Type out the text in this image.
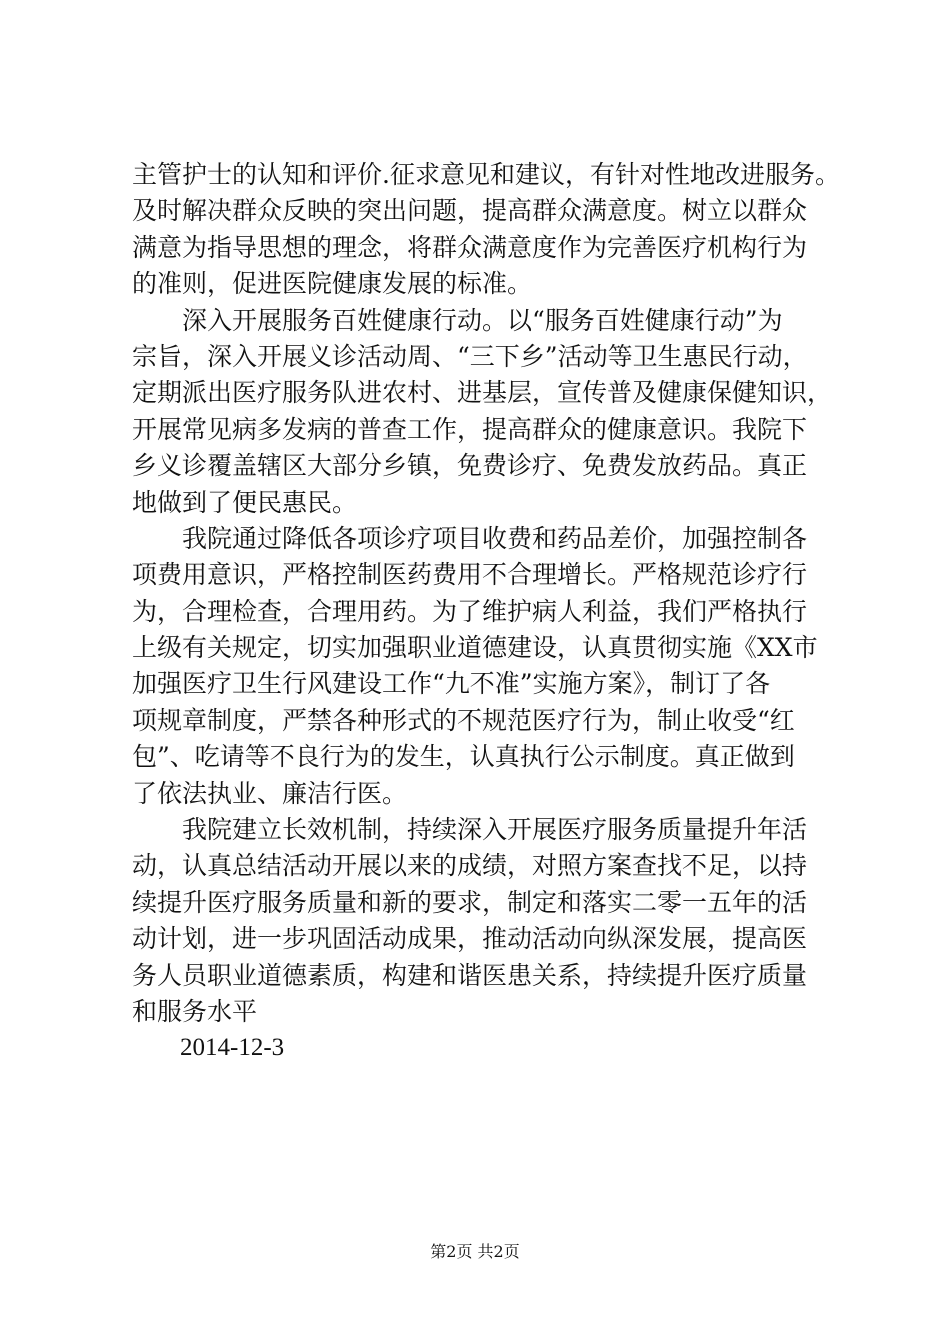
主管护士的认知和评价.征求意见和建议，有针对性地改进服务。
及时解决群众反映的突出问题，提高群众满意度。树立以群众
满意为指导思想的理念，将群众满意度作为完善医疗机构行为
的准则，促进医院健康发展的标准。
深入开展服务百姓健康行动。以“服务百姓健康行动”为
宗旨，深入开展义诊活动周、“三下乡”活动等卫生惠民行动，
定期派出医疗服务队进农村、进基层，宣传普及健康保健知识，
开展常见病多发病的普查工作，提高群众的健康意识。我院下
乡义诊覆盖辖区大部分乡镇，免费诊疗、免费发放药品。真正
地做到了便民惠民。
我院通过降低各项诊疗项目收费和药品差价，加强控制各
项费用意识，严格控制医药费用不合理增长。严格规范诊疗行
为，合理检查，合理用药。为了维护病人利益，我们严格执行
上级有关规定，切实加强职业道德建设，认真贯彻实施《XX市
加强医疗卫生行风建设工作“九不准”实施方案》，制订了各
项规章制度，严禁各种形式的不规范医疗行为，制止收受“红
包”、吃请等不良行为的发生，认真执行公示制度。真正做到
了依法执业、廉洁行医。
我院建立长效机制，持续深入开展医疗服务质量提升年活
动，认真总结活动开展以来的成绩，对照方案查找不足，以持
续提升医疗服务质量和新的要求，制定和落实二零一五年的活
动计划，进一步巩固活动成果，推动活动向纵深发展，提高医
务人员职业道德素质，构建和谐医患关系，持续提升医疗质量
和服务水平
2014-12-3
第2页 共2页
